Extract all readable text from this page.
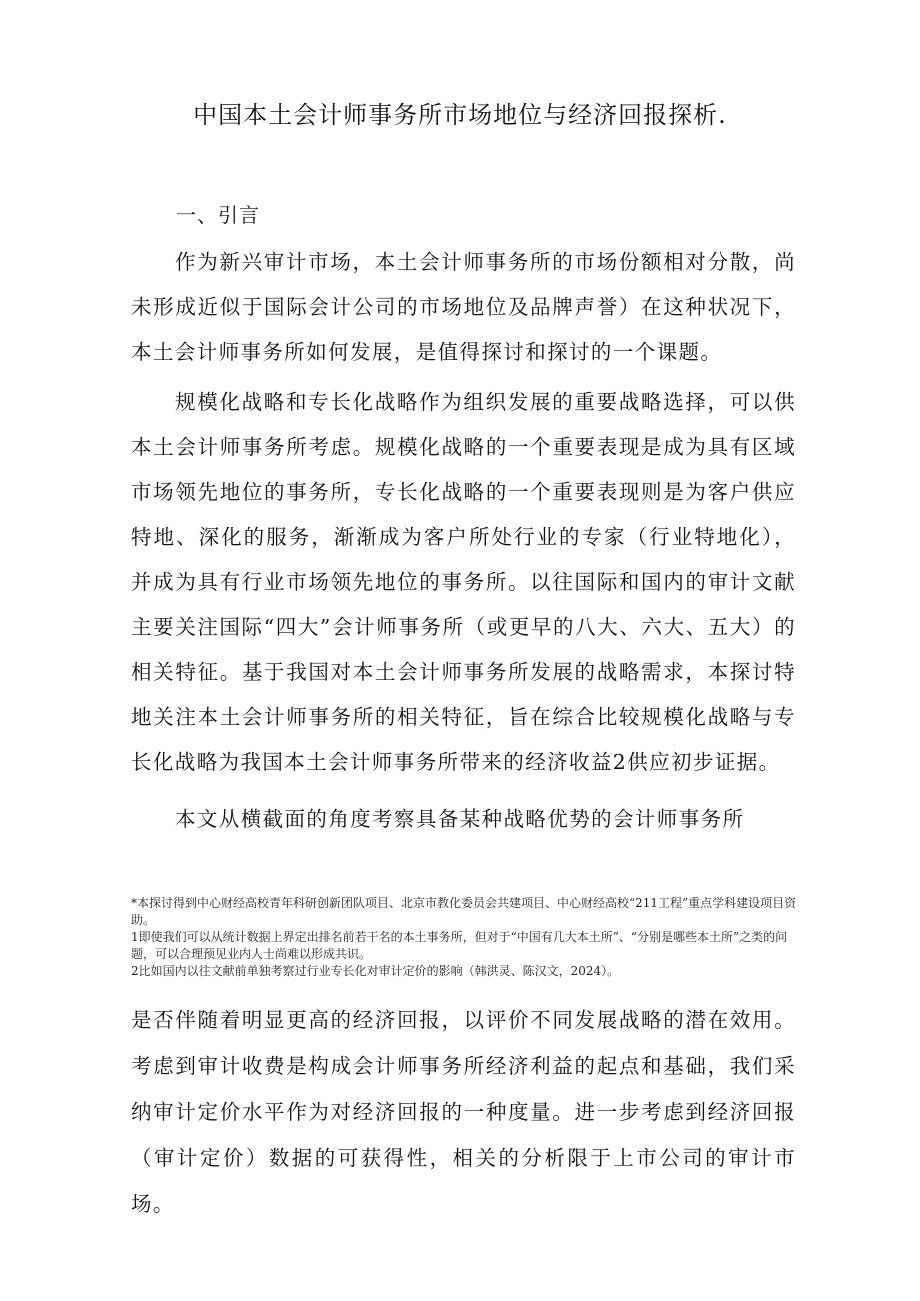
中国本土会计师事务所市场地位与经济回报探析.
一、引言

作为新兴审计市场，本土会计师事务所的市场份额相对分散，尚未形成近似于国际会计公司的市场地位及品牌声誉）在这种状况下，本土会计师事务所如何发展，是值得探讨和探讨的一个课题。

规模化战略和专长化战略作为组织发展的重要战略选择，可以供本土会计师事务所考虑。规模化战略的一个重要表现是成为具有区域市场领先地位的事务所，专长化战略的一个重要表现则是为客户供应特地、深化的服务，渐渐成为客户所处行业的专家（行业特地化），并成为具有行业市场领先地位的事务所。以往国际和国内的审计文献主要关注国际“四大”会计师事务所（或更早的八大、六大、五大）的相关特征。基于我国对本土会计师事务所发展的战略需求，本探讨特地关注本土会计师事务所的相关特征，旨在综合比较规模化战略与专长化战略为我国本土会计师事务所带来的经济收益2供应初步证据。

本文从横截面的角度考察具备某种战略优势的会计师事务所

*本探讨得到中心财经高校青年科研创新团队项目、北京市教化委员会共建项目、中心财经高校“211工程”重点学科建设项目资助。

1即使我们可以从统计数据上界定出排名前若干名的本土事务所，但对于“中国有几大本土所”、“分别是哪些本土所”之类的问题，可以合理预见业内人士尚难以形成共识。

2比如国内以往文献前单独考察过行业专长化对审计定价的影响（韩洪灵、陈汉文，2024）。

是否伴随着明显更高的经济回报，以评价不同发展战略的潜在效用。考虑到审计收费是构成会计师事务所经济利益的起点和基础，我们采纳审计定价水平作为对经济回报的一种度量。进一步考虑到经济回报（审计定价）数据的可获得性，相关的分析限于上市公司的审计市场。
